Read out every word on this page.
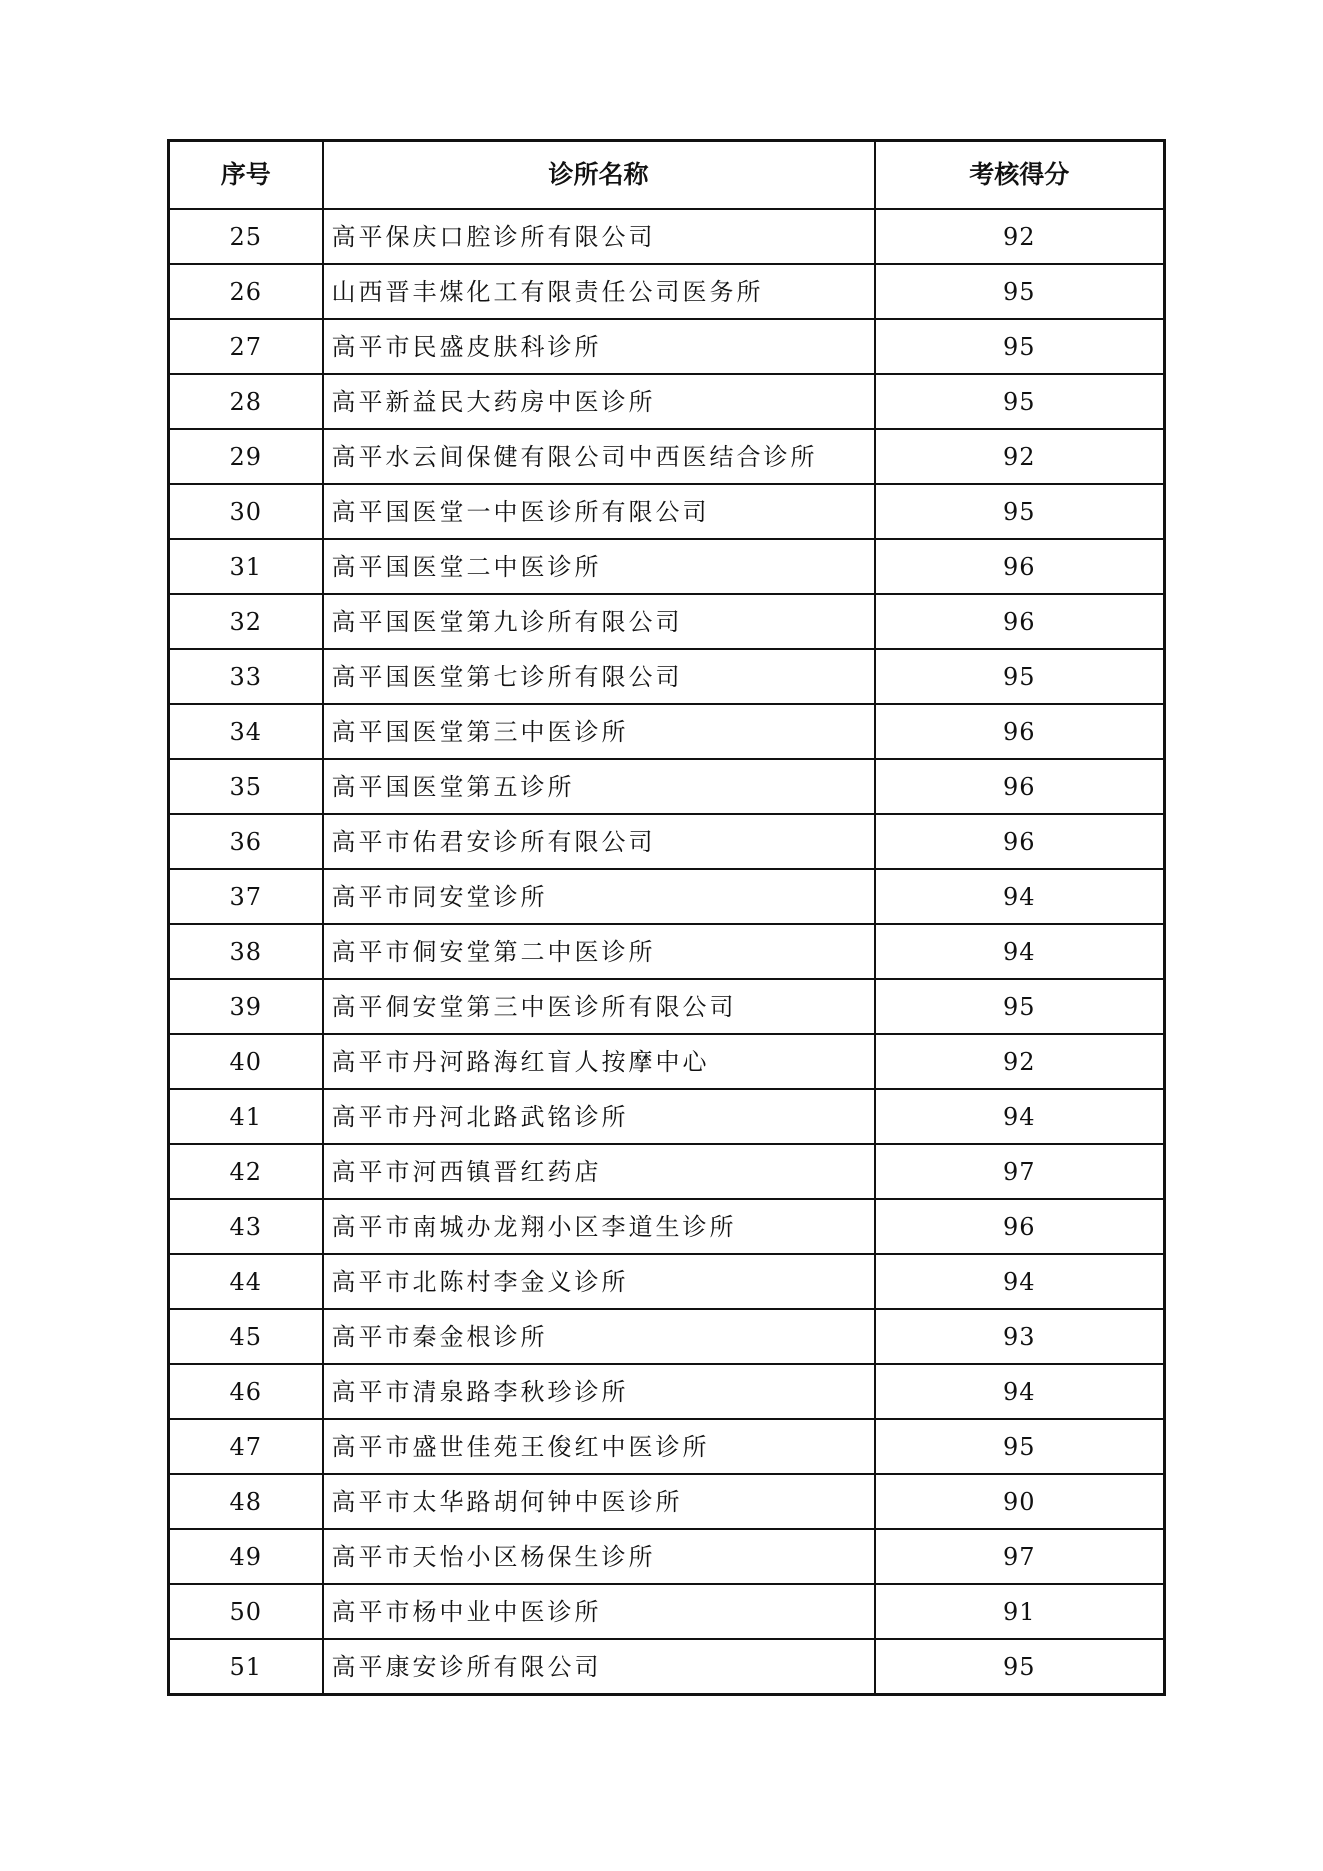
序号	诊所名称	考核得分
25	高平保庆口腔诊所有限公司	92
26	山西晋丰煤化工有限责任公司医务所	95
27	高平市民盛皮肤科诊所	95
28	高平新益民大药房中医诊所	95
29	高平水云间保健有限公司中西医结合诊所	92
30	高平国医堂一中医诊所有限公司	95
31	高平国医堂二中医诊所	96
32	高平国医堂第九诊所有限公司	96
33	高平国医堂第七诊所有限公司	95
34	高平国医堂第三中医诊所	96
35	高平国医堂第五诊所	96
36	高平市佑君安诊所有限公司	96
37	高平市同安堂诊所	94
38	高平市侗安堂第二中医诊所	94
39	高平侗安堂第三中医诊所有限公司	95
40	高平市丹河路海红盲人按摩中心	92
41	高平市丹河北路武铭诊所	94
42	高平市河西镇晋红药店	97
43	高平市南城办龙翔小区李道生诊所	96
44	高平市北陈村李金义诊所	94
45	高平市秦金根诊所	93
46	高平市清泉路李秋珍诊所	94
47	高平市盛世佳苑王俊红中医诊所	95
48	高平市太华路胡何钟中医诊所	90
49	高平市天怡小区杨保生诊所	97
50	高平市杨中业中医诊所	91
51	高平康安诊所有限公司	95
